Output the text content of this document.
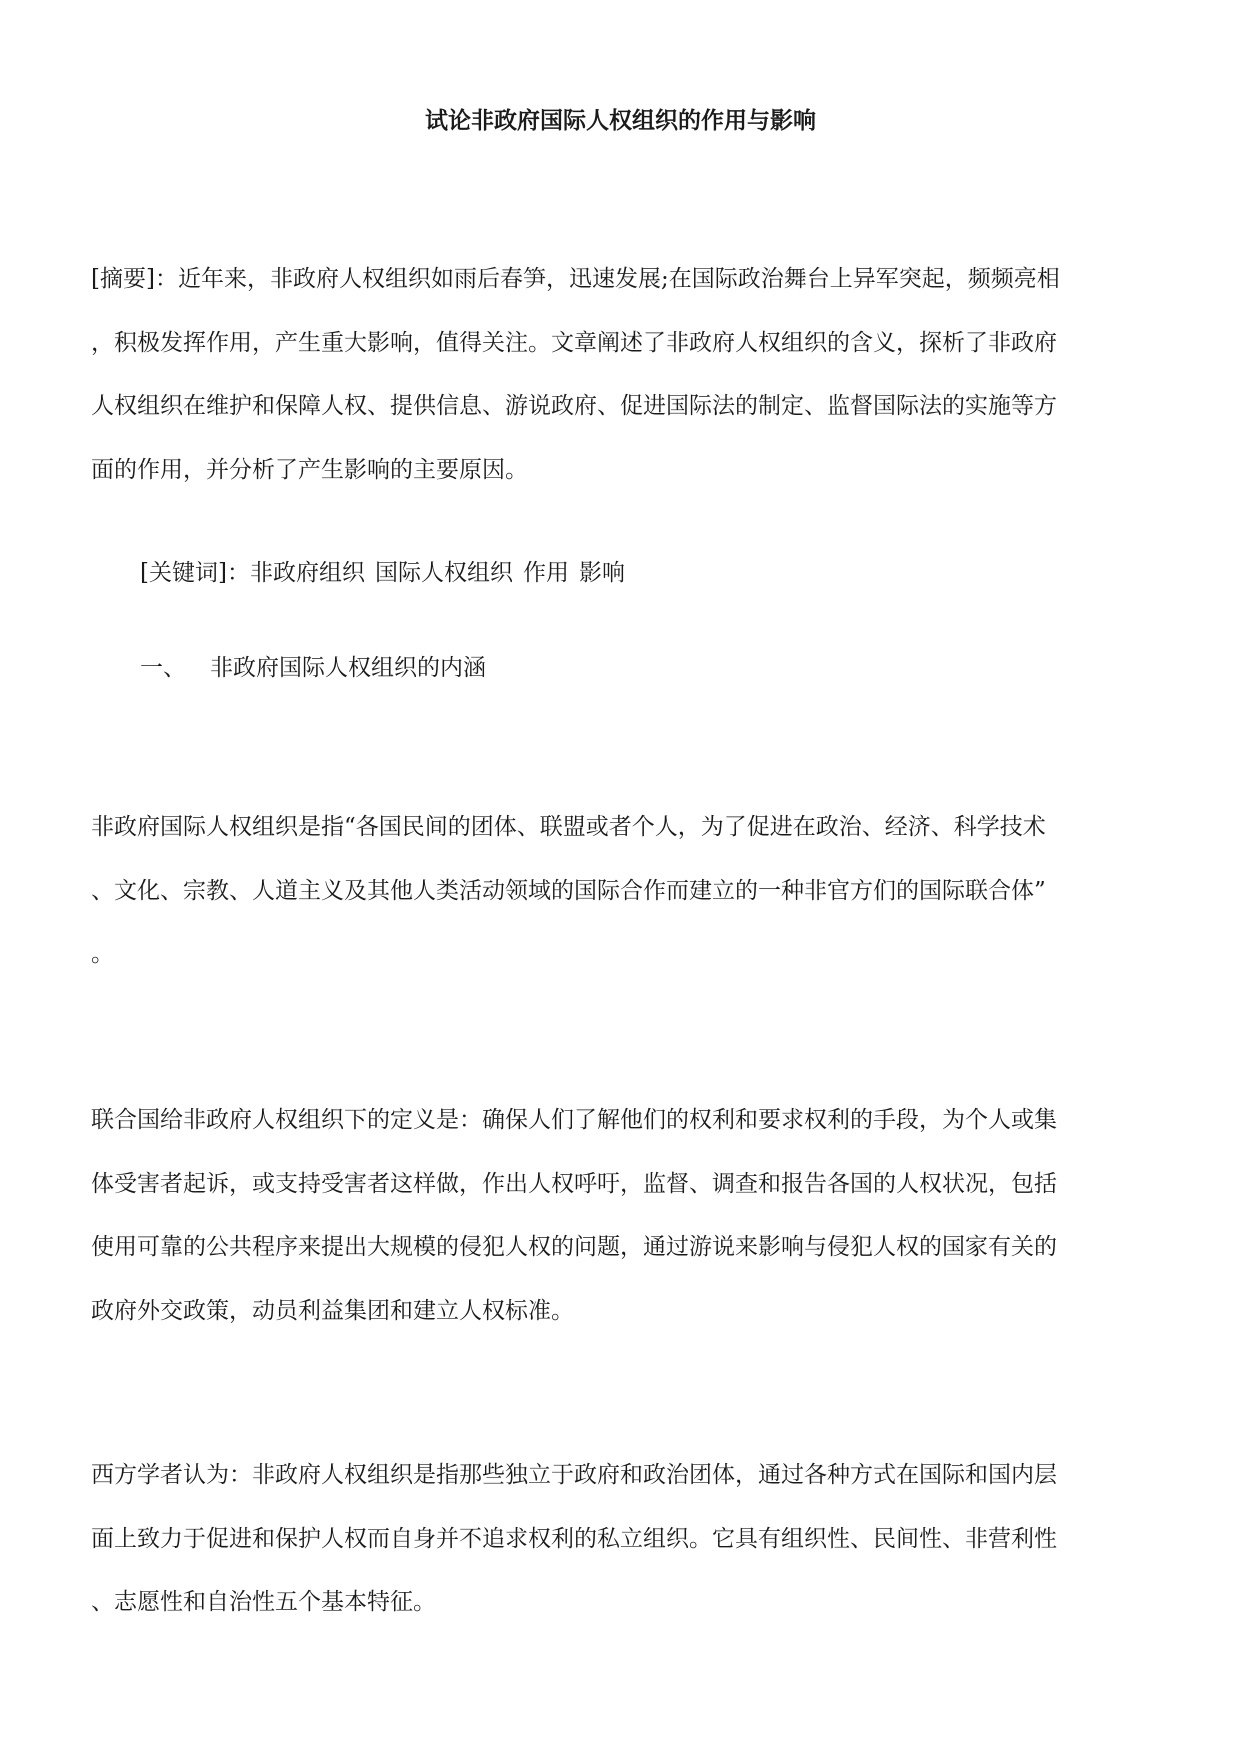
试论非政府国际人权组织的作用与影响
[摘要]：近年来，非政府人权组织如雨后春笋，迅速发展;在国际政治舞台上异军突起，频频亮相
，积极发挥作用，产生重大影响，值得关注。文章阐述了非政府人权组织的含义，探析了非政府
人权组织在维护和保障人权、提供信息、游说政府、促进国际法的制定、监督国际法的实施等方
面的作用，并分析了产生影响的主要原因。
[关键词]：非政府组织 国际人权组织 作用 影响
一、 非政府国际人权组织的内涵
非政府国际人权组织是指“各国民间的团体、联盟或者个人，为了促进在政治、经济、科学技术
、文化、宗教、人道主义及其他人类活动领域的国际合作而建立的一种非官方们的国际联合体”
。
联合国给非政府人权组织下的定义是：确保人们了解他们的权利和要求权利的手段，为个人或集
体受害者起诉，或支持受害者这样做，作出人权呼吁，监督、调查和报告各国的人权状况，包括
使用可靠的公共程序来提出大规模的侵犯人权的问题，通过游说来影响与侵犯人权的国家有关的
政府外交政策，动员利益集团和建立人权标准。
西方学者认为：非政府人权组织是指那些独立于政府和政治团体，通过各种方式在国际和国内层
面上致力于促进和保护人权而自身并不追求权利的私立组织。它具有组织性、民间性、非营利性
、志愿性和自治性五个基本特征。
